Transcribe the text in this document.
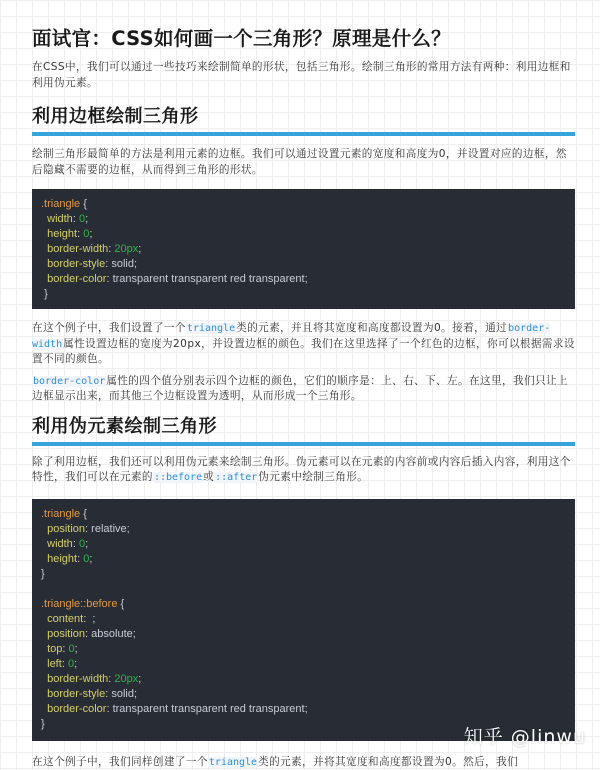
面试官：CSS如何画一个三角形？原理是什么？

在CSS中，我们可以通过一些技巧来绘制简单的形状，包括三角形。绘制三角形的常用方法有两种：利用边框和利用伪元素。

利用边框绘制三角形

绘制三角形最简单的方法是利用元素的边框。我们可以通过设置元素的宽度和高度为0，并设置对应的边框，然后隐藏不需要的边框，从而得到三角形的形状。

.triangle {
width: 0;
height: 0;
border-width: 20px;
border-style: solid;
border-color: transparent transparent red transparent;
}

在这个例子中，我们设置了一个triangle类的元素，并且将其宽度和高度都设置为0。接着，通过border-width属性设置边框的宽度为20px，并设置边框的颜色。我们在这里选择了一个红色的边框，你可以根据需求设置不同的颜色。

border-color属性的四个值分别表示四个边框的颜色，它们的顺序是：上、右、下、左。在这里，我们只让上边框显示出来，而其他三个边框设置为透明，从而形成一个三角形。

利用伪元素绘制三角形

除了利用边框，我们还可以利用伪元素来绘制三角形。伪元素可以在元素的内容前或内容后插入内容，利用这个特性，我们可以在元素的::before或::after伪元素中绘制三角形。

.triangle {
position: relative;
width: 0;
height: 0;
}
.triangle::before {
content:  ;
position: absolute;
top: 0;
left: 0;
border-width: 20px;
border-style: solid;
border-color: transparent transparent red transparent;
}

在这个例子中，我们同样创建了一个triangle类的元素，并将其宽度和高度都设置为0。然后，我们

知乎 @linwu
